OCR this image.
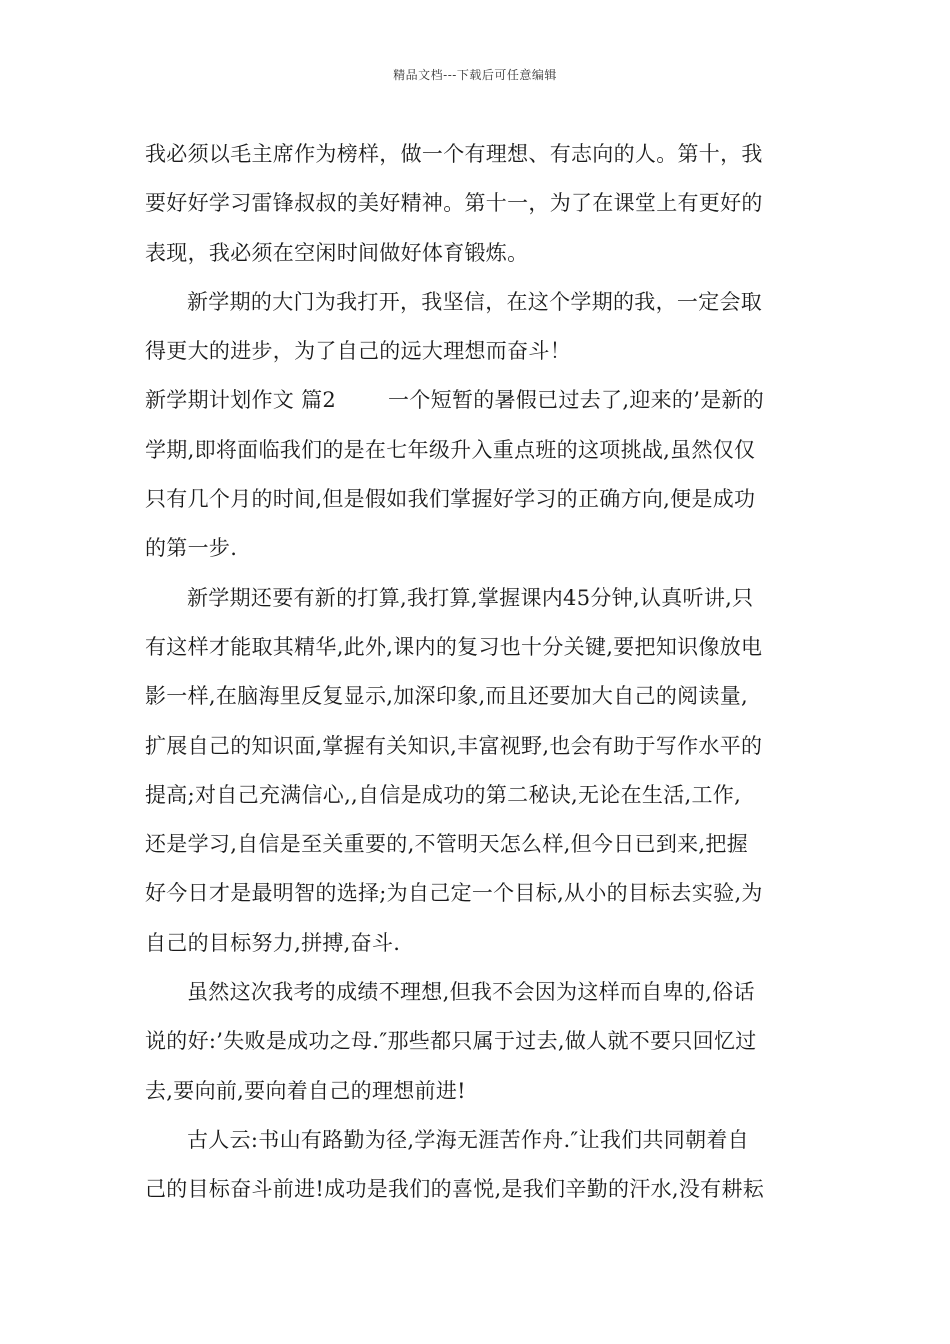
精品文档---下载后可任意编辑
我必须以毛主席作为榜样，做一个有理想、有志向的人。第十，我
要好好学习雷锋叔叔的美好精神。第十一，为了在课堂上有更好的
表现，我必须在空闲时间做好体育锻炼。
新学期的大门为我打开，我坚信，在这个学期的我，一定会取
得更大的进步，为了自己的远大理想而奋斗！
新学期计划作文 篇2 一个短暂的暑假已过去了,迎来的’是新的
学期,即将面临我们的是在七年级升入重点班的这项挑战,虽然仅仅
只有几个月的时间,但是假如我们掌握好学习的正确方向,便是成功
的第一步.
新学期还要有新的打算,我打算,掌握课内45分钟,认真听讲,只
有这样才能取其精华,此外,课内的复习也十分关键,要把知识像放电
影一样,在脑海里反复显示,加深印象,而且还要加大自己的阅读量,
扩展自己的知识面,掌握有关知识,丰富视野,也会有助于写作水平的
提高;对自己充满信心,,自信是成功的第二秘诀,无论在生活,工作,
还是学习,自信是至关重要的,不管明天怎么样,但今日已到来,把握
好今日才是最明智的选择;为自己定一个目标,从小的目标去实验,为
自己的目标努力,拼搏,奋斗.
虽然这次我考的成绩不理想,但我不会因为这样而自卑的,俗话
说的好:’失败是成功之母.″那些都只属于过去,做人就不要只回忆过
去,要向前,要向着自己的理想前进!
古人云:书山有路勤为径,学海无涯苦作舟.″让我们共同朝着自
己的目标奋斗前进!成功是我们的喜悦,是我们辛勤的汗水,没有耕耘
